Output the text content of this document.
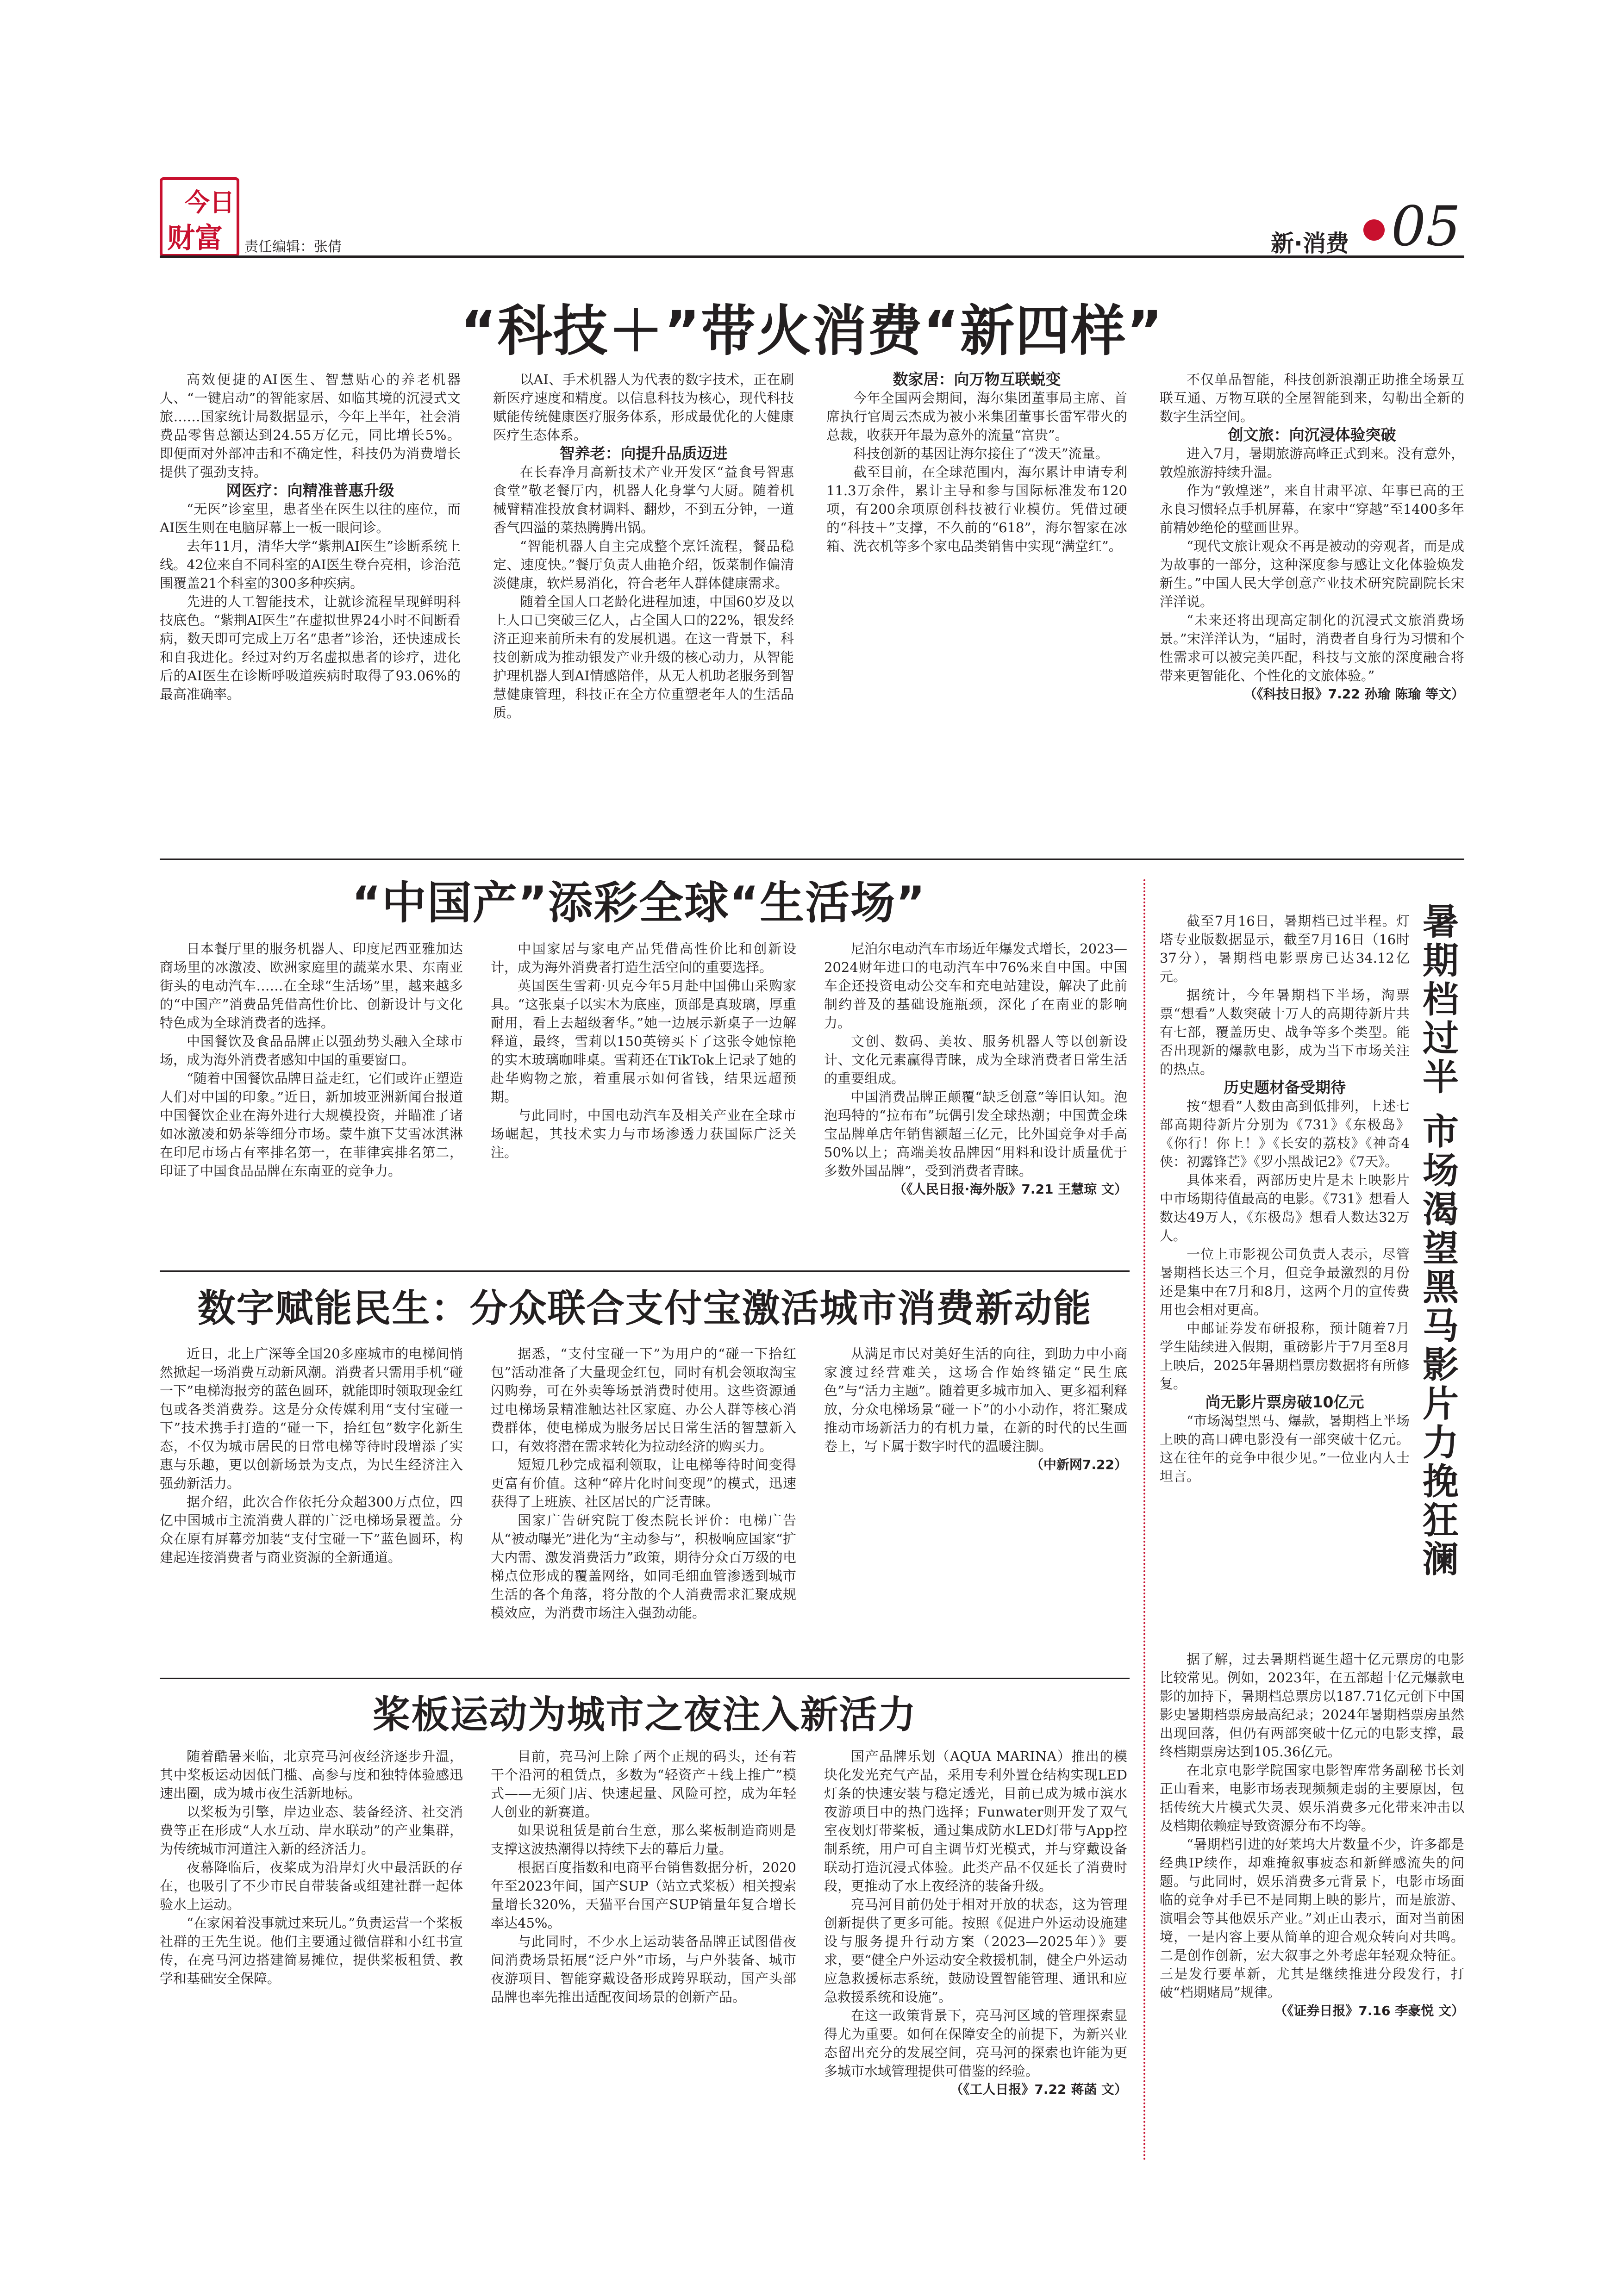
今日
财富 责任编辑：张倩	新·消费 05
“科技＋”带火消费“新四样”

高效便捷的AI医生、智慧贴心的养老机器人、“一键启动”的智能家居、如临其境的沉浸式文旅……国家统计局数据显示，今年上半年，社会消费品零售总额达到24.55万亿元，同比增长5%。即便面对外部冲击和不确定性，科技仍为消费增长提供了强劲支持。

网医疗：向精准普惠升级

“无医”诊室里，患者坐在医生以往的座位，而AI医生则在电脑屏幕上一板一眼问诊。

去年11月，清华大学“紫荆AI医生”诊断系统上线。42位来自不同科室的AI医生登台亮相，诊治范围覆盖21个科室的300多种疾病。

先进的人工智能技术，让就诊流程呈现鲜明科技底色。“紫荆AI医生”在虚拟世界24小时不间断看病，数天即可完成上万名“患者”诊治，还快速成长和自我进化。经过对约万名虚拟患者的诊疗，进化后的AI医生在诊断呼吸道疾病时取得了93.06%的最高准确率。

以AI、手术机器人为代表的数字技术，正在刷新医疗速度和精度。以信息科技为核心，现代科技赋能传统健康医疗服务体系，形成最优化的大健康医疗生态体系。

智养老：向提升品质迈进

在长春净月高新技术产业开发区“益食号智惠食堂”敬老餐厅内，机器人化身掌勺大厨。随着机械臂精准投放食材调料、翻炒，不到五分钟，一道香气四溢的菜热腾腾出锅。

“智能机器人自主完成整个烹饪流程，餐品稳定、速度快。”餐厅负责人曲艳介绍，饭菜制作偏清淡健康，软烂易消化，符合老年人群体健康需求。

随着全国人口老龄化进程加速，中国60岁及以上人口已突破三亿人，占全国人口的22%，银发经济正迎来前所未有的发展机遇。在这一背景下，科技创新成为推动银发产业升级的核心动力，从智能护理机器人到AI情感陪伴，从无人机助老服务到智慧健康管理，科技正在全方位重塑老年人的生活品质。

数家居：向万物互联蜕变

今年全国两会期间，海尔集团董事局主席、首席执行官周云杰成为被小米集团董事长雷军带火的总裁，收获开年最为意外的流量“富贵”。

科技创新的基因让海尔接住了“泼天”流量。

截至目前，在全球范围内，海尔累计申请专利11.3万余件，累计主导和参与国际标准发布120项，有200余项原创科技被行业模仿。凭借过硬的“科技＋”支撑，不久前的“618”，海尔智家在冰箱、洗衣机等多个家电品类销售中实现“满堂红”。

不仅单品智能，科技创新浪潮正助推全场景互联互通、万物互联的全屋智能到来，勾勒出全新的数字生活空间。

创文旅：向沉浸体验突破

进入7月，暑期旅游高峰正式到来。没有意外，敦煌旅游持续升温。

作为“敦煌迷”，来自甘肃平凉、年事已高的王永良习惯轻点手机屏幕，在家中“穿越”至1400多年前精妙绝伦的壁画世界。

“现代文旅让观众不再是被动的旁观者，而是成为故事的一部分，这种深度参与感让文化体验焕发新生。”中国人民大学创意产业技术研究院副院长宋洋洋说。

“未来还将出现高定制化的沉浸式文旅消费场景。”宋洋洋认为，“届时，消费者自身行为习惯和个性需求可以被完美匹配，科技与文旅的深度融合将带来更智能化、个性化的文旅体验。”

（《科技日报》7.22 孙瑜 陈瑜 等文）

“中国产”添彩全球“生活场”

日本餐厅里的服务机器人、印度尼西亚雅加达商场里的冰激凌、欧洲家庭里的蔬菜水果、东南亚街头的电动汽车……在全球“生活场”里，越来越多的“中国产”消费品凭借高性价比、创新设计与文化特色成为全球消费者的选择。

中国餐饮及食品品牌正以强劲势头融入全球市场，成为海外消费者感知中国的重要窗口。

“随着中国餐饮品牌日益走红，它们或许正塑造人们对中国的印象。”近日，新加坡亚洲新闻台报道中国餐饮企业在海外进行大规模投资，并瞄准了诸如冰激凌和奶茶等细分市场。蒙牛旗下艾雪冰淇淋在印尼市场占有率排名第一，在菲律宾排名第二，印证了中国食品品牌在东南亚的竞争力。

中国家居与家电产品凭借高性价比和创新设计，成为海外消费者打造生活空间的重要选择。

英国医生雪莉·贝克今年5月赴中国佛山采购家具。“这张桌子以实木为底座，顶部是真玻璃，厚重耐用，看上去超级奢华。”她一边展示新桌子一边解释道，最终，雪莉以150英镑买下了这张令她惊艳的实木玻璃咖啡桌。雪莉还在TikTok上记录了她的赴华购物之旅，着重展示如何省钱，结果远超预期。

与此同时，中国电动汽车及相关产业在全球市场崛起，其技术实力与市场渗透力获国际广泛关注。

尼泊尔电动汽车市场近年爆发式增长，2023—2024财年进口的电动汽车中76%来自中国。中国车企还投资电动公交车和充电站建设，解决了此前制约普及的基础设施瓶颈，深化了在南亚的影响力。

文创、数码、美妆、服务机器人等以创新设计、文化元素赢得青睐，成为全球消费者日常生活的重要组成。

中国消费品牌正颠覆“缺乏创意”等旧认知。泡泡玛特的“拉布布”玩偶引发全球热潮；中国黄金珠宝品牌单店年销售额超三亿元，比外国竞争对手高50%以上；高端美妆品牌因“用料和设计质量优于多数外国品牌”，受到消费者青睐。

（《人民日报·海外版》7.21 王慧琼 文）

数字赋能民生：分众联合支付宝激活城市消费新动能

近日，北上广深等全国20多座城市的电梯间悄然掀起一场消费互动新风潮。消费者只需用手机“碰一下”电梯海报旁的蓝色圆环，就能即时领取现金红包或各类消费券。这是分众传媒利用“支付宝碰一下”技术携手打造的“碰一下，拾红包”数字化新生态，不仅为城市居民的日常电梯等待时段增添了实惠与乐趣，更以创新场景为支点，为民生经济注入强劲新活力。

据介绍，此次合作依托分众超300万点位，四亿中国城市主流消费人群的广泛电梯场景覆盖。分众在原有屏幕旁加装“支付宝碰一下”蓝色圆环，构建起连接消费者与商业资源的全新通道。

据悉，“支付宝碰一下”为用户的“碰一下拾红包”活动准备了大量现金红包，同时有机会领取淘宝闪购券，可在外卖等场景消费时使用。这些资源通过电梯场景精准触达社区家庭、办公人群等核心消费群体，使电梯成为服务居民日常生活的智慧新入口，有效将潜在需求转化为拉动经济的购买力。

短短几秒完成福利领取，让电梯等待时间变得更富有价值。这种“碎片化时间变现”的模式，迅速获得了上班族、社区居民的广泛青睐。

国家广告研究院丁俊杰院长评价：电梯广告从“被动曝光”进化为“主动参与”，积极响应国家“扩大内需、激发消费活力”政策，期待分众百万级的电梯点位形成的覆盖网络，如同毛细血管渗透到城市生活的各个角落，将分散的个人消费需求汇聚成规模效应，为消费市场注入强劲动能。

从满足市民对美好生活的向往，到助力中小商家渡过经营难关，这场合作始终锚定“民生底色”与“活力主题”。随着更多城市加入、更多福利释放，分众电梯场景“碰一下”的小小动作，将汇聚成推动市场新活力的有机力量，在新的时代的民生画卷上，写下属于数字时代的温暖注脚。

（中新网7.22）

桨板运动为城市之夜注入新活力

随着酷暑来临，北京亮马河夜经济逐步升温，其中桨板运动因低门槛、高参与度和独特体验感迅速出圈，成为城市夜生活新地标。

以桨板为引擎，岸边业态、装备经济、社交消费等正在形成“人水互动、岸水联动”的产业集群，为传统城市河道注入新的经济活力。

夜幕降临后，夜桨成为沿岸灯火中最活跃的存在，也吸引了不少市民自带装备或组建社群一起体验水上运动。

“在家闲着没事就过来玩儿。”负责运营一个桨板社群的王先生说。他们主要通过微信群和小红书宣传，在亮马河边搭建简易摊位，提供桨板租赁、教学和基础安全保障。

目前，亮马河上除了两个正规的码头，还有若干个沿河的租赁点，多数为“轻资产＋线上推广”模式——无须门店、快速起量、风险可控，成为年轻人创业的新赛道。

如果说租赁是前台生意，那么桨板制造商则是支撑这波热潮得以持续下去的幕后力量。

根据百度指数和电商平台销售数据分析，2020年至2023年间，国产SUP（站立式桨板）相关搜索量增长320%，天猫平台国产SUP销量年复合增长率达45%。

与此同时，不少水上运动装备品牌正试图借夜间消费场景拓展“泛户外”市场，与户外装备、城市夜游项目、智能穿戴设备形成跨界联动，国产头部品牌也率先推出适配夜间场景的创新产品。

国产品牌乐划（AQUA MARINA）推出的模块化发光充气产品，采用专利外置仓结构实现LED灯条的快速安装与稳定透光，目前已成为城市滨水夜游项目中的热门选择；Funwater则开发了双气室夜划灯带桨板，通过集成防水LED灯带与App控制系统，用户可自主调节灯光模式，并与穿戴设备联动打造沉浸式体验。此类产品不仅延长了消费时段，更推动了水上夜经济的装备升级。

亮马河目前仍处于相对开放的状态，这为管理创新提供了更多可能。按照《促进户外运动设施建设与服务提升行动方案（2023—2025年）》要求，要“健全户外运动安全救援机制，健全户外运动应急救援标志系统，鼓励设置智能管理、通讯和应急救援系统和设施”。

在这一政策背景下，亮马河区域的管理探索显得尤为重要。如何在保障安全的前提下，为新兴业态留出充分的发展空间，亮马河的探索也许能为更多城市水域管理提供可借鉴的经验。

（《工人日报》7.22 蒋菡 文）

暑期档过半 市场渴望黑马影片力挽狂澜

截至7月16日，暑期档已过半程。灯塔专业版数据显示，截至7月16日（16时37分），暑期档电影票房已达34.12亿元。

据统计，今年暑期档下半场，淘票票“想看”人数突破十万人的高期待新片共有七部，覆盖历史、战争等多个类型。能否出现新的爆款电影，成为当下市场关注的热点。

历史题材备受期待

按“想看”人数由高到低排列，上述七部高期待新片分别为《731》《东极岛》《你行！你上！》《长安的荔枝》《神奇4侠：初露锋芒》《罗小黑战记2》《7天》。

具体来看，两部历史片是未上映影片中市场期待值最高的电影。《731》想看人数达49万人，《东极岛》想看人数达32万人。

一位上市影视公司负责人表示，尽管暑期档长达三个月，但竞争最激烈的月份还是集中在7月和8月，这两个月的宣传费用也会相对更高。

中邮证券发布研报称，预计随着7月学生陆续进入假期，重磅影片于7月至8月上映后，2025年暑期档票房数据将有所修复。

尚无影片票房破10亿元

“市场渴望黑马、爆款，暑期档上半场上映的高口碑电影没有一部突破十亿元。这在往年的竞争中很少见。”一位业内人士坦言。

据了解，过去暑期档诞生超十亿元票房的电影比较常见。例如，2023年，在五部超十亿元爆款电影的加持下，暑期档总票房以187.71亿元创下中国影史暑期档票房最高纪录；2024年暑期档票房虽然出现回落，但仍有两部突破十亿元的电影支撑，最终档期票房达到105.36亿元。

在北京电影学院国家电影智库常务副秘书长刘正山看来，电影市场表现频频走弱的主要原因，包括传统大片模式失灵、娱乐消费多元化带来冲击以及档期依赖症导致资源分布不均等。

“暑期档引进的好莱坞大片数量不少，许多都是经典IP续作，却难掩叙事疲态和新鲜感流失的问题。与此同时，娱乐消费多元背景下，电影市场面临的竞争对手已不是同期上映的影片，而是旅游、演唱会等其他娱乐产业。”刘正山表示，面对当前困境，一是内容上要从简单的迎合观众转向对共鸣。二是创作创新，宏大叙事之外考虑年轻观众特征。三是发行要革新，尤其是继续推进分段发行，打破“档期赌局”规律。

（《证券日报》7.16 李豪悦 文）
